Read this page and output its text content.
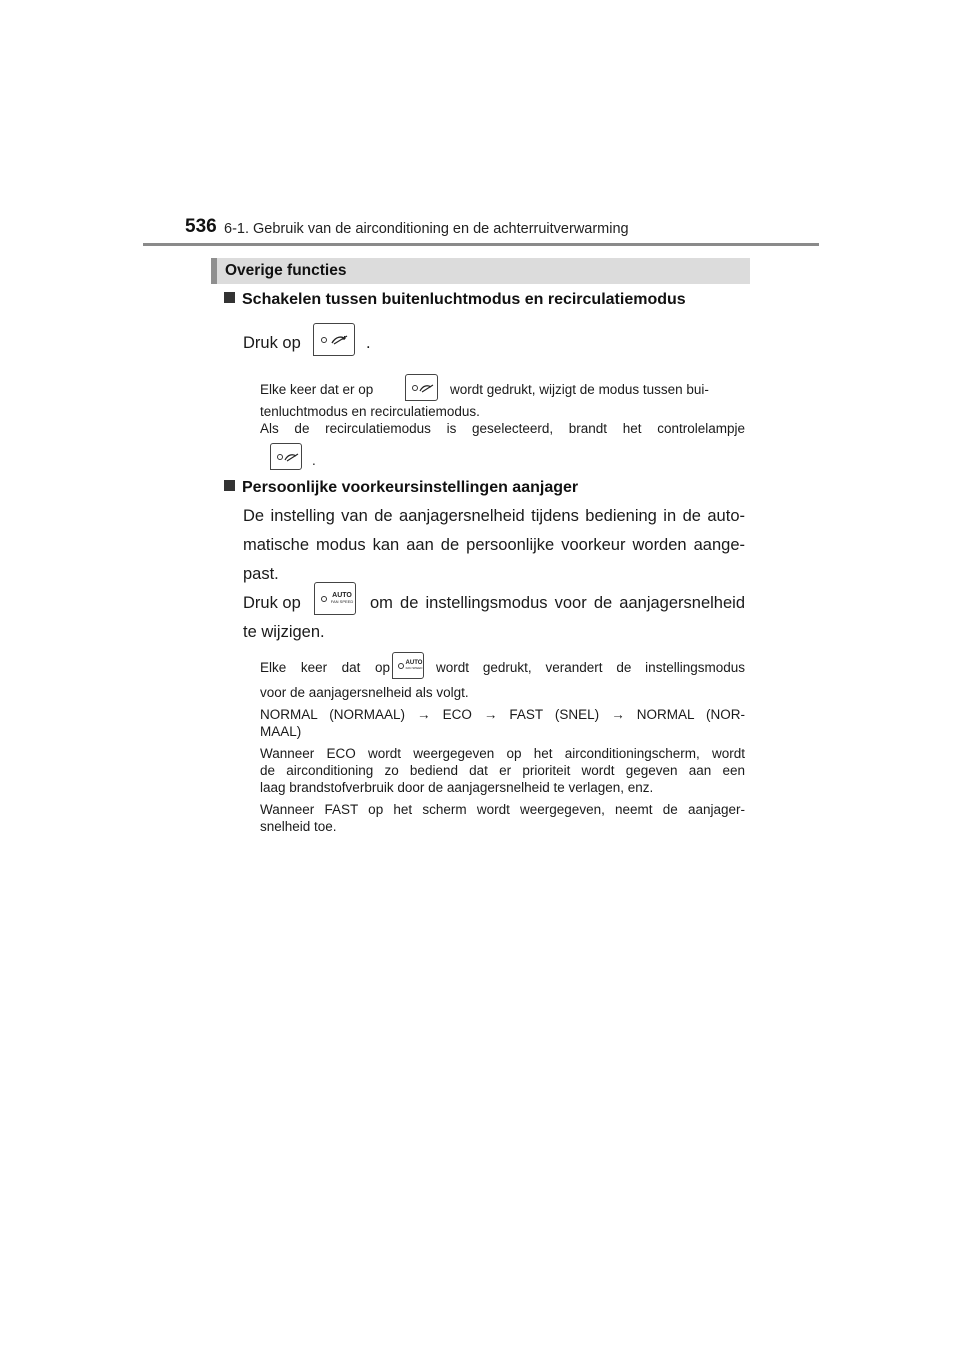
536 6-1. Gebruik van de airconditioning en de achterruitverwarming
Overige functies
Schakelen tussen buitenluchtmodus en recirculatiemodus
Druk op	.
Elke keer dat er op	wordt gedrukt, wijzigt de modus tussen bui-
tenluchtmodus en recirculatiemodus.
Als de recirculatiemodus is geselecteerd, brandt het controlelampje
.
Persoonlijke voorkeursinstellingen aanjager
De instelling van de aanjagersnelheid tijdens bediening in de auto-
matische modus kan aan de persoonlijke voorkeur worden aange-
past.
Druk op	AUTO
FAN SPEED om de instellingsmodus voor de aanjagersnelheid
te wijzigen.
Elke keer dat op	AUTO
FAN SPEED wordt gedrukt, verandert de instellingsmodus
voor de aanjagersnelheid als volgt.
NORMAL (NORMAAL) → ECO → FAST (SNEL) → NORMAL (NOR-
MAAL)
Wanneer ECO wordt weergegeven op het airconditioningscherm, wordt
de airconditioning zo bediend dat er prioriteit wordt gegeven aan een
laag brandstofverbruik door de aanjagersnelheid te verlagen, enz.
Wanneer FAST op het scherm wordt weergegeven, neemt de aanjager-
snelheid toe.
